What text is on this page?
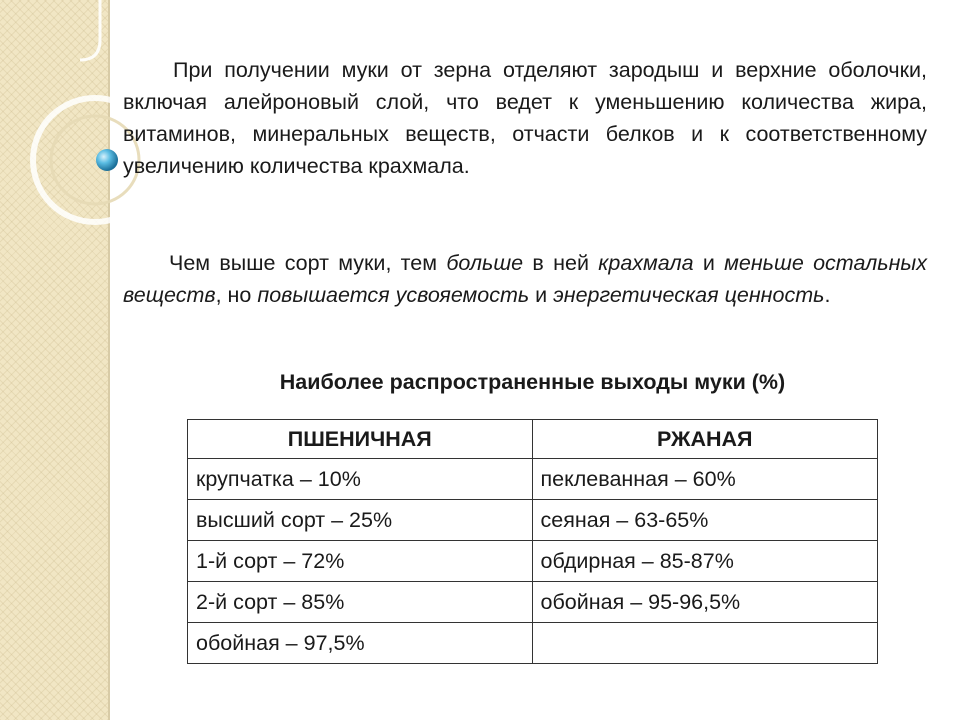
При получении муки от зерна отделяют зародыш и верхние оболочки, включая алейроновый слой, что ведет к уменьшению количества жира, витаминов, минеральных веществ, отчасти белков и к соответственному увеличению количества крахмала.

Чем выше сорт муки, тем больше в ней крахмала и меньше остальных веществ, но повышается усвояемость и энергетическая ценность.

Наиболее распространенные выходы муки (%)
ПШЕНИЧНАЯ	РЖАНАЯ
крупчатка – 10%	пеклеванная – 60%
высший сорт – 25%	сеяная – 63-65%
1-й сорт – 72%	обдирная – 85-87%
2-й сорт – 85%	обойная – 95-96,5%
обойная – 97,5%	
